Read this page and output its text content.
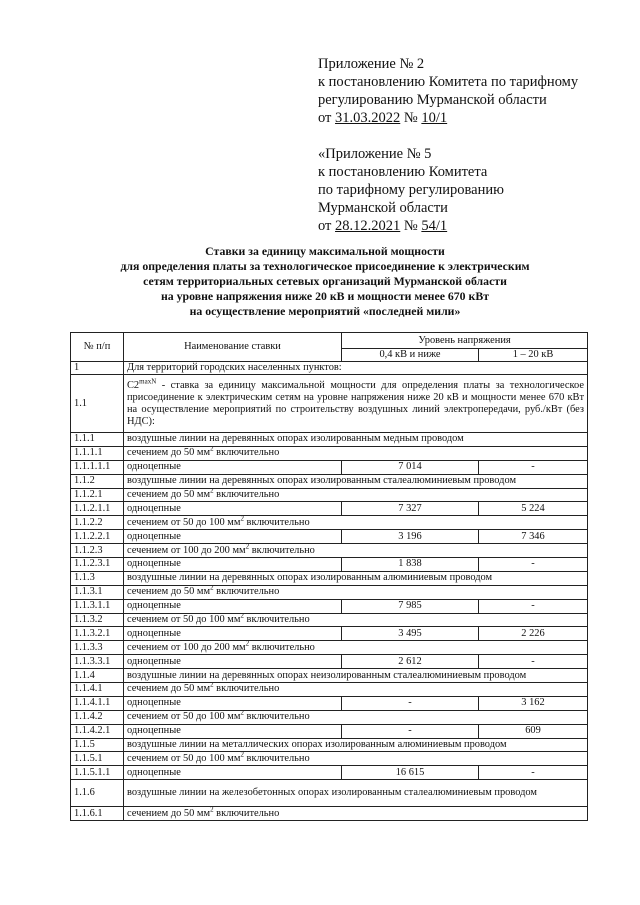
Приложение № 2
к постановлению Комитета по тарифному
регулированию Мурманской области
от 31.03.2022 № 10/1
«Приложение № 5
к постановлению Комитета
по тарифному регулированию
Мурманской области
от 28.12.2021 № 54/1
Ставки за единицу максимальной мощности
для определения платы за технологическое присоединение к электрическим
сетям территориальных сетевых организаций Мурманской области
на уровне напряжения ниже 20 кВ и мощности менее 670 кВт
на осуществление мероприятий «последней мили»
№ п/п	Наименование ставки	Уровень напряжения	
		0,4 кВ и ниже	1 – 20 кВ
1	Для территорий городских населенных пунктов:		
1.1	$C2^{maxN}$ - ставка за единицу максимальной мощности для определения платы за технологическое присоединение к электрическим сетям на уровне напряжения ниже 20 кВ и мощности менее 670 кВт на осуществление мероприятий по строительству воздушных линий электропередачи, руб./кВт (без НДС):		
1.1.1	воздушные линии на деревянных опорах изолированным медным проводом		
1.1.1.1	сечением до 50 $мм^2$ включительно		
1.1.1.1.1	одноцепные	7 014	-
1.1.2	воздушные линии на деревянных опорах изолированным сталеалюминиевым проводом		
1.1.2.1	сечением до 50 $мм^2$ включительно		
1.1.2.1.1	одноцепные	7 327	5 224
1.1.2.2	сечением от 50 до 100 $мм^2$ включительно		
1.1.2.2.1	одноцепные	3 196	7 346
1.1.2.3	сечением от 100 до 200 $мм^2$ включительно		
1.1.2.3.1	одноцепные	1 838	-
1.1.3	воздушные линии на деревянных опорах изолированным алюминиевым проводом		
1.1.3.1	сечением до 50 $мм^2$ включительно		
1.1.3.1.1	одноцепные	7 985	-
1.1.3.2	сечением от 50 до 100 $мм^2$ включительно		
1.1.3.2.1	одноцепные	3 495	2 226
1.1.3.3	сечением от 100 до 200 $мм^2$ включительно		
1.1.3.3.1	одноцепные	2 612	-
1.1.4	воздушные линии на деревянных опорах неизолированным сталеалюминиевым проводом		
1.1.4.1	сечением до 50 $мм^2$ включительно		
1.1.4.1.1	одноцепные	-	3 162
1.1.4.2	сечением от 50 до 100 $мм^2$ включительно		
1.1.4.2.1	одноцепные	-	609
1.1.5	воздушные линии на металлических опорах изолированным алюминиевым проводом		
1.1.5.1	сечением от 50 до 100 $мм^2$ включительно		
1.1.5.1.1	одноцепные	16 615	-
1.1.6	воздушные линии на железобетонных опорах изолированным сталеалюминиевым проводом		
1.1.6.1	сечением до 50 $мм^2$ включительно		
